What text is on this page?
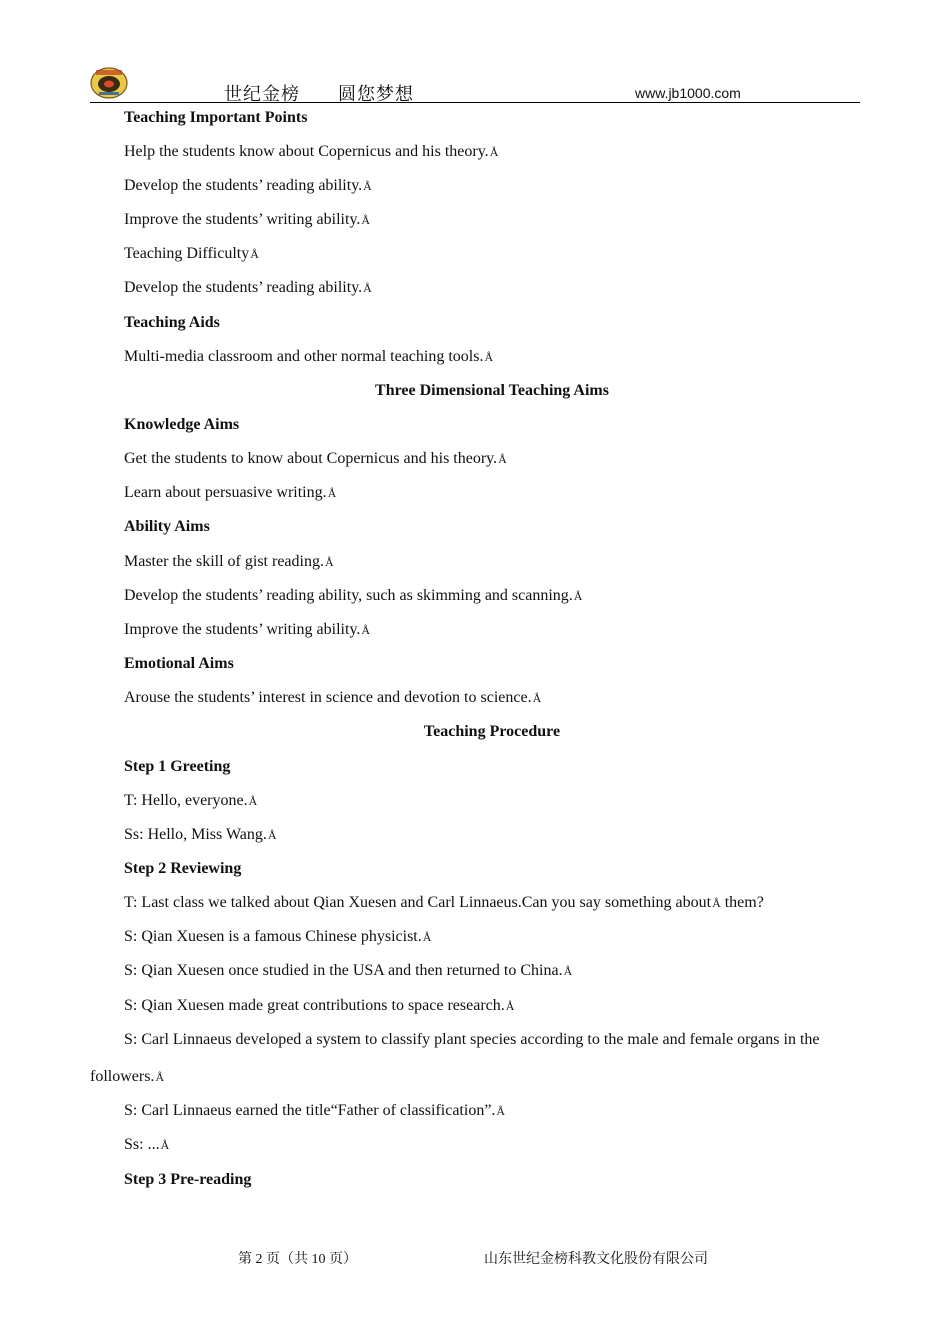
世纪金榜 圆您梦想	www.jb1000.com
Teaching Important Points
Help the students know about Copernicus and his theory.Å
Develop the students’ reading ability.Å
Improve the students’ writing ability.Å
Teaching DifficultyÅ
Develop the students’ reading ability.Å
Teaching Aids
Multi-media classroom and other normal teaching tools.Å
Three Dimensional Teaching Aims
Knowledge Aims
Get the students to know about Copernicus and his theory.Å
Learn about persuasive writing.Å
Ability Aims
Master the skill of gist reading.Å
Develop the students’ reading ability, such as skimming and scanning.Å
Improve the students’ writing ability.Å
Emotional Aims
Arouse the students’ interest in science and devotion to science.Å
Teaching Procedure
Step 1 Greeting
T: Hello, everyone.Å
Ss: Hello, Miss Wang.Å
Step 2 Reviewing
T: Last class we talked about Qian Xuesen and Carl Linnaeus.Can you say something aboutÅ them?
S: Qian Xuesen is a famous Chinese physicist.Å
S: Qian Xuesen once studied in the USA and then returned to China.Å
S: Qian Xuesen made great contributions to space research.Å
S: Carl Linnaeus developed a system to classify plant species according to the male and female organs in the
followers.Å
S: Carl Linnaeus earned the title“Father of classification”.Å
Ss: ...Å
Step 3 Pre-reading
第 2 页（共 10 页）	山东世纪金榜科教文化股份有限公司
